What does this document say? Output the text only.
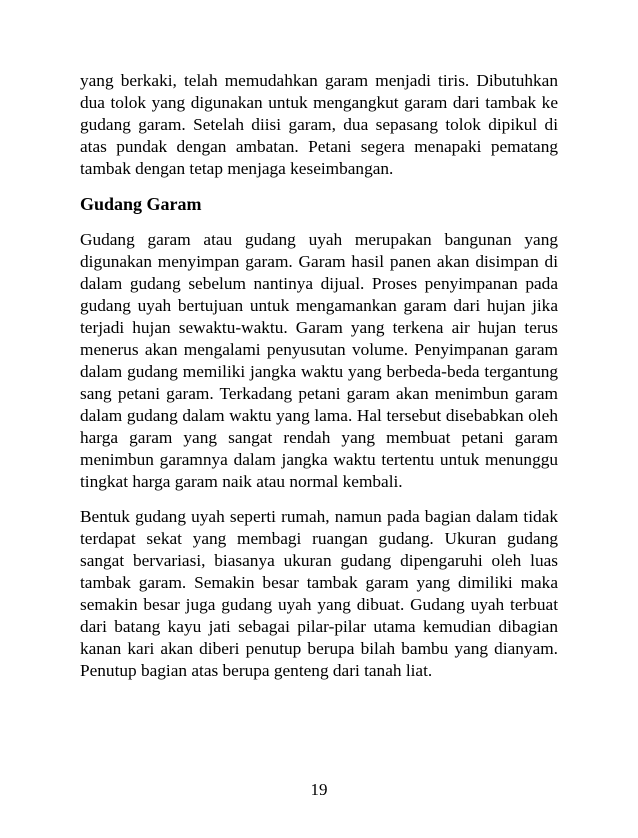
yang berkaki, telah memudahkan garam menjadi tiris. Dibutuhkan dua tolok yang digunakan untuk mengangkut garam dari tambak ke gudang garam. Setelah diisi garam, dua sepasang tolok dipikul di atas pundak dengan ambatan. Petani segera menapaki pematang tambak dengan tetap menjaga keseimbangan.

Gudang Garam

Gudang garam atau gudang uyah merupakan bangunan yang digunakan menyimpan garam. Garam hasil panen akan disimpan di dalam gudang sebelum nantinya dijual. Proses penyimpanan pada gudang uyah bertujuan untuk mengamankan garam dari hujan jika terjadi hujan sewaktu-waktu. Garam yang terkena air hujan terus menerus akan mengalami penyusutan volume. Penyimpanan garam dalam gudang memiliki jangka waktu yang berbeda-beda tergantung sang petani garam. Terkadang petani garam akan menimbun garam dalam gudang dalam waktu yang lama. Hal tersebut disebabkan oleh harga garam yang sangat rendah yang membuat petani garam menimbun garamnya dalam jangka waktu tertentu untuk menunggu tingkat harga garam naik atau normal kembali.

Bentuk gudang uyah seperti rumah, namun pada bagian dalam tidak terdapat sekat yang membagi ruangan gudang. Ukuran gudang sangat bervariasi, biasanya ukuran gudang dipengaruhi oleh luas tambak garam. Semakin besar tambak garam yang dimiliki maka semakin besar juga gudang uyah yang dibuat. Gudang uyah terbuat dari batang kayu jati sebagai pilar-pilar utama kemudian dibagian kanan kari akan diberi penutup berupa bilah bambu yang dianyam. Penutup bagian atas berupa genteng dari tanah liat.

19
